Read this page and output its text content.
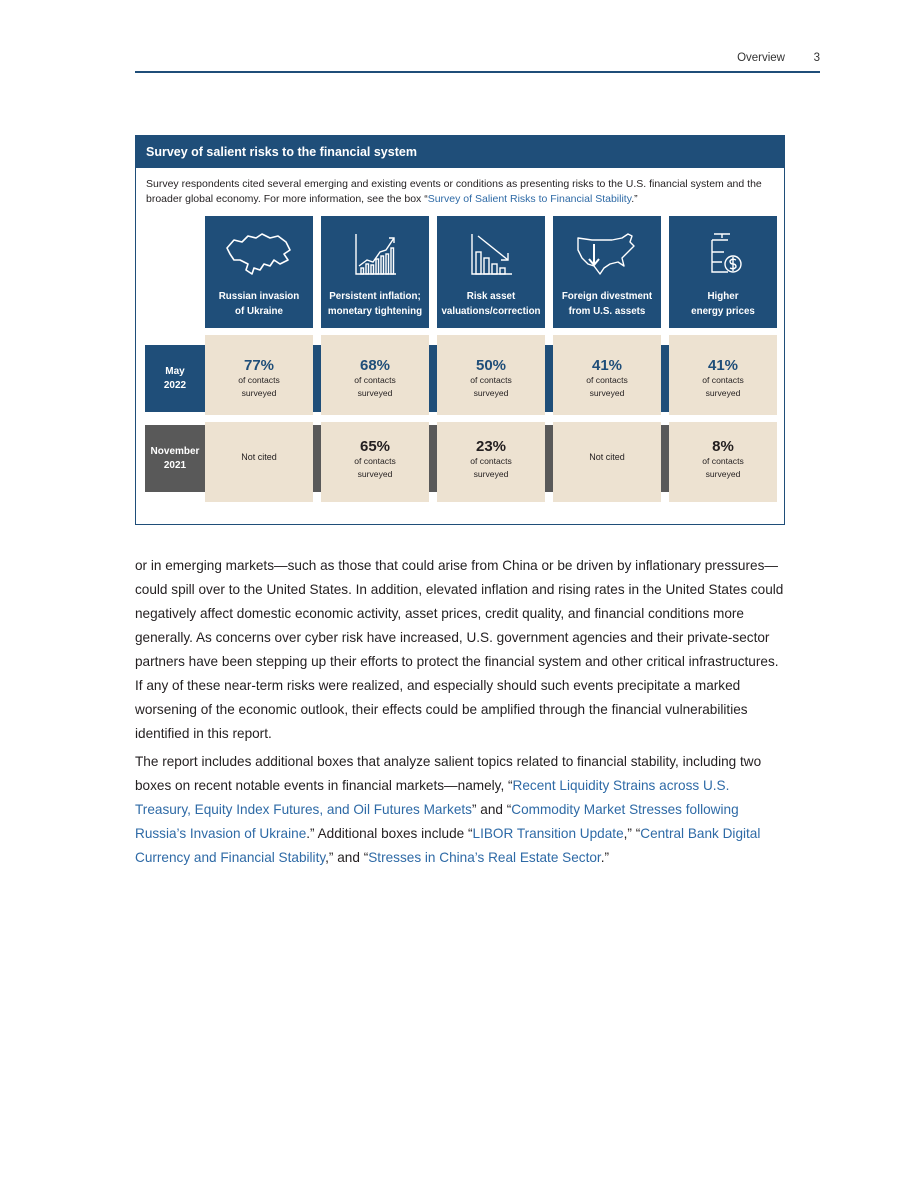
Overview 3
Survey of salient risks to the financial system
Survey respondents cited several emerging and existing events or conditions as presenting risks to the U.S. financial system and the broader global economy. For more information, see the box “Survey of Salient Risks to Financial Stability.”
Russian invasion
of Ukraine
Persistent inflation;
monetary tightening
Risk asset
valuations/correction
Foreign divestment
from U.S. assets
Higher
energy prices
May
2022
November
2021
77%
of contacts
surveyed
68%
of contacts
surveyed
50%
of contacts
surveyed
41%
of contacts
surveyed
41%
of contacts
surveyed
Not cited
65%
of contacts
surveyed
23%
of contacts
surveyed
Not cited
8%
of contacts
surveyed

or in emerging markets—such as those that could arise from China or be driven by inflationary pressures—could spill over to the United States. In addition, elevated inflation and rising rates in the United States could negatively affect domestic economic activity, asset prices, credit quality, and financial conditions more generally. As concerns over cyber risk have increased, U.S. government agencies and their private-sector partners have been stepping up their efforts to protect the financial system and other critical infrastructures. If any of these near-term risks were realized, and especially should such events precipitate a marked worsening of the economic outlook, their effects could be amplified through the financial vulnerabilities identified in this report.

The report includes additional boxes that analyze salient topics related to financial stability, including two boxes on recent notable events in financial markets—namely, “Recent Liquidity Strains across U.S. Treasury, Equity Index Futures, and Oil Futures Markets” and “Commodity Market Stresses following Russia’s Invasion of Ukraine.” Additional boxes include “LIBOR Transition Update,” “Central Bank Digital Currency and Financial Stability,” and “Stresses in China’s Real Estate Sector.”
